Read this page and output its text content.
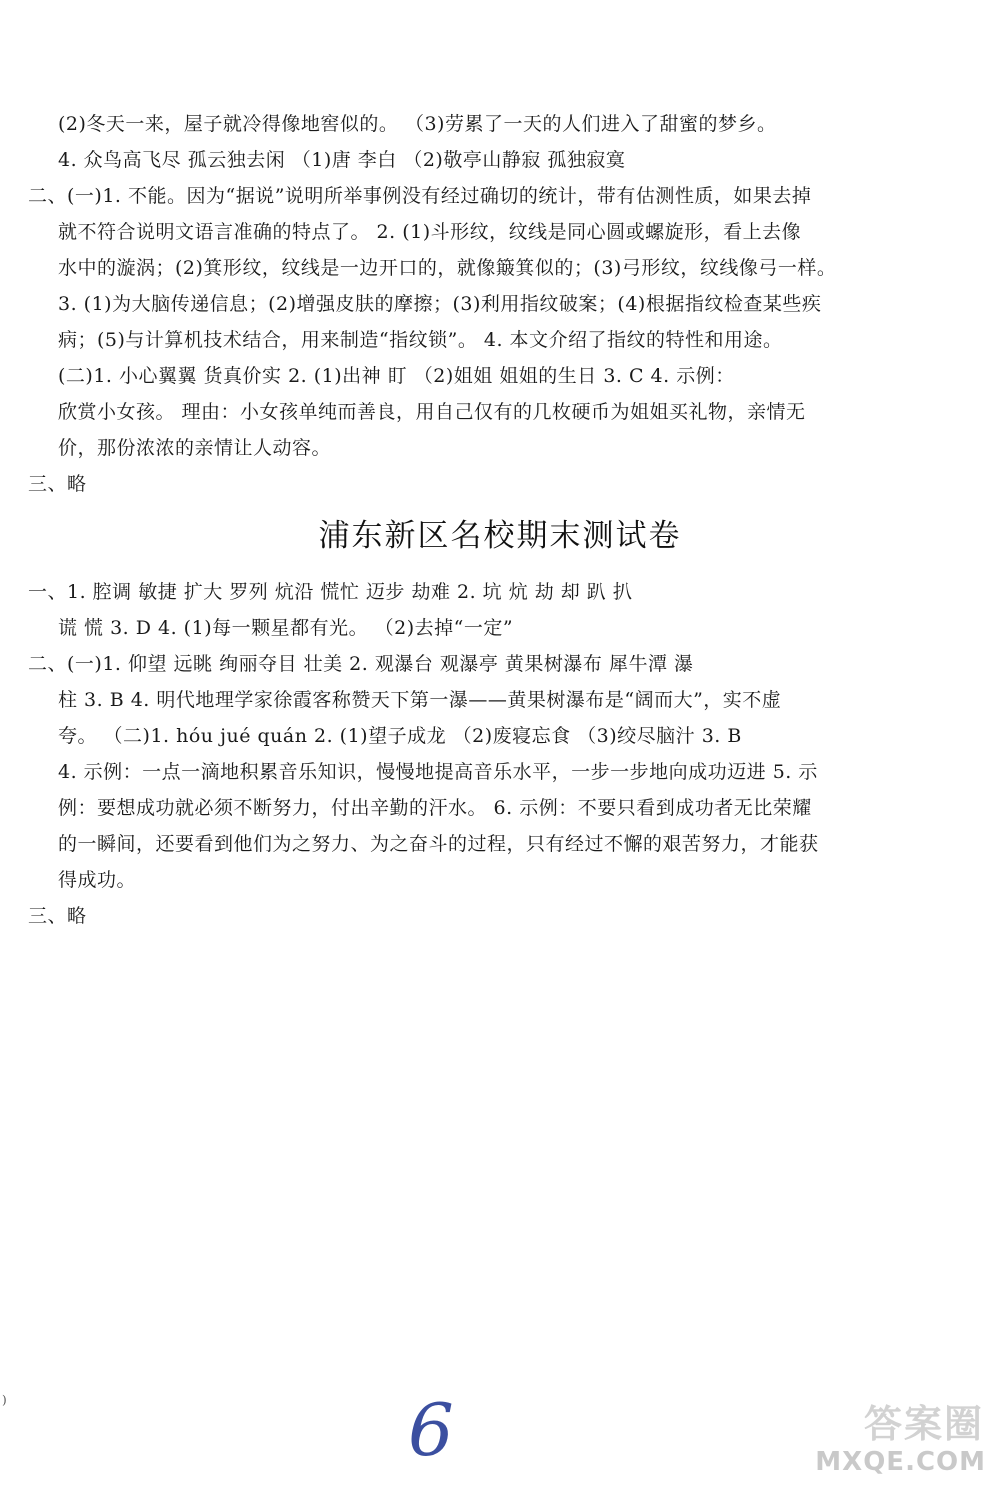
(2)冬天一来，屋子就冷得像地窖似的。 （3)劳累了一天的人们进入了甜蜜的梦乡。
4. 众鸟高飞尽 孤云独去闲 （1)唐 李白 （2)敬亭山静寂 孤独寂寞
二、(一)1. 不能。因为“据说”说明所举事例没有经过确切的统计，带有估测性质，如果去掉
就不符合说明文语言准确的特点了。 2. (1)斗形纹，纹线是同心圆或螺旋形，看上去像
水中的漩涡；(2)箕形纹，纹线是一边开口的，就像簸箕似的；(3)弓形纹，纹线像弓一样。
3. (1)为大脑传递信息；(2)增强皮肤的摩擦；(3)利用指纹破案；(4)根据指纹检查某些疾
病；(5)与计算机技术结合，用来制造“指纹锁”。 4. 本文介绍了指纹的特性和用途。
(二)1. 小心翼翼 货真价实 2. (1)出神 盯 （2)姐姐 姐姐的生日 3. C 4. 示例：
欣赏小女孩。 理由：小女孩单纯而善良，用自己仅有的几枚硬币为姐姐买礼物，亲情无
价，那份浓浓的亲情让人动容。
三、略
浦东新区名校期末测试卷
一、1. 腔调 敏捷 扩大 罗列 炕沿 慌忙 迈步 劫难 2. 坑 炕 劫 却 趴 扒
谎 慌 3. D 4. (1)每一颗星都有光。 （2)去掉“一定”
二、(一)1. 仰望 远眺 绚丽夺目 壮美 2. 观瀑台 观瀑亭 黄果树瀑布 犀牛潭 瀑
柱 3. B 4. 明代地理学家徐霞客称赞天下第一瀑——黄果树瀑布是“阔而大”，实不虚
夸。 （二)1. hóu jué quán 2. (1)望子成龙 （2)废寝忘食 （3)绞尽脑汁 3. B
4. 示例：一点一滴地积累音乐知识，慢慢地提高音乐水平，一步一步地向成功迈进 5. 示
例：要想成功就必须不断努力，付出辛勤的汗水。 6. 示例：不要只看到成功者无比荣耀
的一瞬间，还要看到他们为之努力、为之奋斗的过程，只有经过不懈的艰苦努力，才能获
得成功。
三、略
)	6	答案圈
MXQE.COM
